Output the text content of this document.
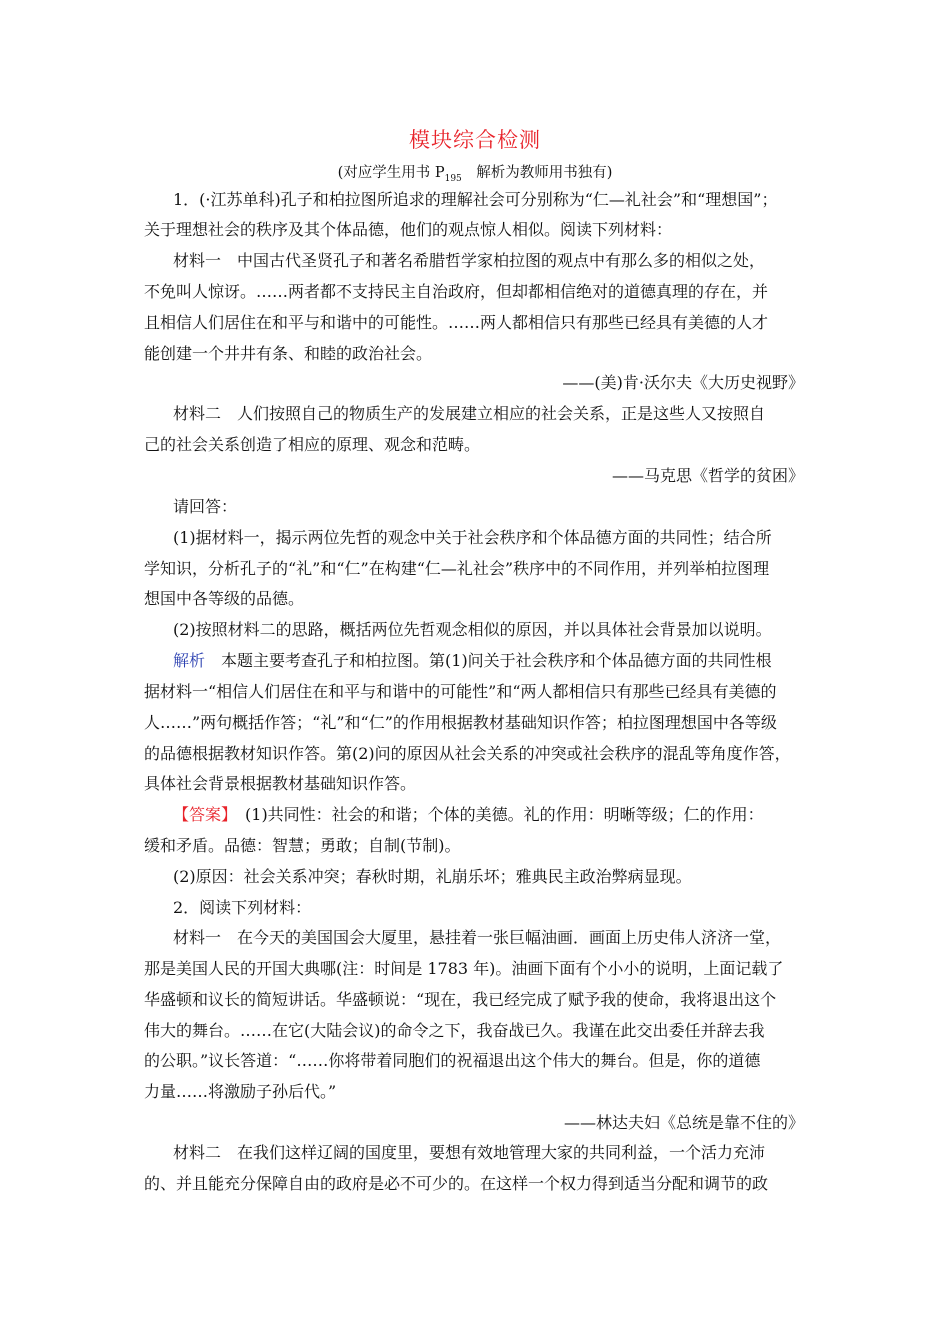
模块综合检测
(对应学生用书 $P_{195}$　解析为教师用书独有)
1．(·江苏单科)孔子和柏拉图所追求的理解社会可分别称为“仁—礼社会”和“理想国”；
关于理想社会的秩序及其个体品德，他们的观点惊人相似。阅读下列材料：
材料一　中国古代圣贤孔子和著名希腊哲学家柏拉图的观点中有那么多的相似之处，
不免叫人惊讶。……两者都不支持民主自治政府，但却都相信绝对的道德真理的存在，并
且相信人们居住在和平与和谐中的可能性。……两人都相信只有那些已经具有美德的人才
能创建一个井井有条、和睦的政治社会。
——(美)肯·沃尔夫《大历史视野》
材料二　人们按照自己的物质生产的发展建立相应的社会关系，正是这些人又按照自
己的社会关系创造了相应的原理、观念和范畴。
——马克思《哲学的贫困》
请回答：
(1)据材料一，揭示两位先哲的观念中关于社会秩序和个体品德方面的共同性；结合所
学知识，分析孔子的“礼”和“仁”在构建“仁—礼社会”秩序中的不同作用，并列举柏拉图理
想国中各等级的品德。
(2)按照材料二的思路，概括两位先哲观念相似的原因，并以具体社会背景加以说明。
解析　本题主要考查孔子和柏拉图。第(1)问关于社会秩序和个体品德方面的共同性根
据材料一“相信人们居住在和平与和谐中的可能性”和“两人都相信只有那些已经具有美德的
人……”两句概括作答；“礼”和“仁”的作用根据教材基础知识作答；柏拉图理想国中各等级
的品德根据教材知识作答。第(2)问的原因从社会关系的冲突或社会秩序的混乱等角度作答，
具体社会背景根据教材基础知识作答。
【答案】　(1)共同性：社会的和谐；个体的美德。礼的作用：明晰等级；仁的作用：
缓和矛盾。品德：智慧；勇敢；自制(节制)。
(2)原因：社会关系冲突；春秋时期，礼崩乐坏；雅典民主政治弊病显现。
2．阅读下列材料：
材料一　在今天的美国国会大厦里，悬挂着一张巨幅油画．画面上历史伟人济济一堂，
那是美国人民的开国大典哪(注：时间是 1783 年)。油画下面有个小小的说明，上面记载了
华盛顿和议长的简短讲话。华盛顿说：“现在，我已经完成了赋予我的使命，我将退出这个
伟大的舞台。……在它(大陆会议)的命令之下，我奋战已久。我谨在此交出委任并辞去我
的公职。”议长答道：“……你将带着同胞们的祝福退出这个伟大的舞台。但是，你的道德
力量……将激励子孙后代。”
——林达夫妇《总统是靠不住的》
材料二　在我们这样辽阔的国度里，要想有效地管理大家的共同利益，一个活力充沛
的、并且能充分保障自由的政府是必不可少的。在这样一个权力得到适当分配和调节的政
